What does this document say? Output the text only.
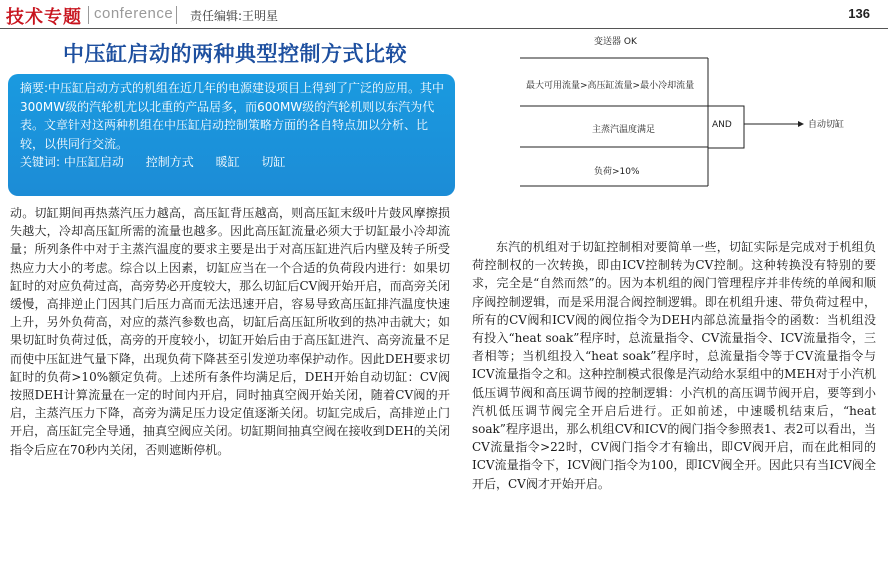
技术专题 conference 责任编辑:王明星	136
中压缸启动的两种典型控制方式比较

摘要:中压缸启动方式的机组在近几年的电源建设项目上得到了广泛的应用。其中300MW级的汽轮机尤以北重的产品居多，而600MW级的汽轮机则以东汽为代表。文章针对这两种机组在中压缸启动控制策略方面的各自特点加以分析、比较，以供同行交流。

关键词: 中压缸启动 控制方式 暖缸 切缸

动。切缸期间再热蒸汽压力越高，高压缸背压越高，则高压缸末级叶片鼓风摩擦损失越大，冷却高压缸所需的流量也越多。因此高压缸流量必须大于切缸最小冷却流量；所列条件中对于主蒸汽温度的要求主要是出于对高压缸进汽后内壁及转子所受热应力大小的考虑。综合以上因素，切缸应当在一个合适的负荷段内进行：如果切缸时的对应负荷过高，高旁势必开度较大，那么切缸后CV阀开始开启，而高旁关闭缓慢，高排逆止门因其门后压力高而无法迅速开启，容易导致高压缸排汽温度快速上升，另外负荷高，对应的蒸汽参数也高，切缸后高压缸所收到的热冲击就大；如果切缸时负荷过低，高旁的开度较小，切缸开始后由于高压缸进汽、高旁流量不足而使中压缸进气量下降，出现负荷下降甚至引发逆功率保护动作。因此DEH要求切缸时的负荷>10%额定负荷。上述所有条件均满足后，DEH开始自动切缸：CV阀按照DEH计算流量在一定的时间内开启，同时抽真空阀开始关闭，随着CV阀的开启，主蒸汽压力下降，高旁为满足压力设定值逐渐关闭。切缸完成后，高排逆止门开启，高压缸完全导通，抽真空阀应关闭。切缸期间抽真空阀在接收到DEH的关闭指令后应在70秒内关闭，否则遮断停机。

AND	自动切缸
变送器 OK
最大可用流量>高压缸流量>最小冷却流量
主蒸汽温度满足
负荷>10%

东汽的机组对于切缸控制相对要简单一些，切缸实际是完成对于机组负荷控制权的一次转换，即由ICV控制转为CV控制。这种转换没有特别的要求，完全是“自然而然”的。因为本机组的阀门管理程序并非传统的单阀和顺序阀控制逻辑，而是采用混合阀控制逻辑。即在机组升速、带负荷过程中，所有的CV阀和ICV阀的阀位指令为DEH内部总流量指令的函数：当机组没有投入“heat soak”程序时，总流量指令、CV流量指令、ICV流量指令，三者相等；当机组投入“heat soak”程序时，总流量指令等于CV流量指令与ICV流量指令之和。这种控制模式很像是汽动给水泵组中的MEH对于小汽机低压调节阀和高压调节阀的控制逻辑：小汽机的高压调节阀开启，要等到小汽机低压调节阀完全开启后进行。正如前述，中速暖机结束后，“heat soak”程序退出，那么机组CV和ICV的阀门指令参照表1、表2可以看出，当CV流量指令>22时，CV阀门指令才有输出，即CV阀开启，而在此相同的ICV流量指令下，ICV阀门指令为100，即ICV阀全开。因此只有当ICV阀全开后，CV阀才开始开启。
